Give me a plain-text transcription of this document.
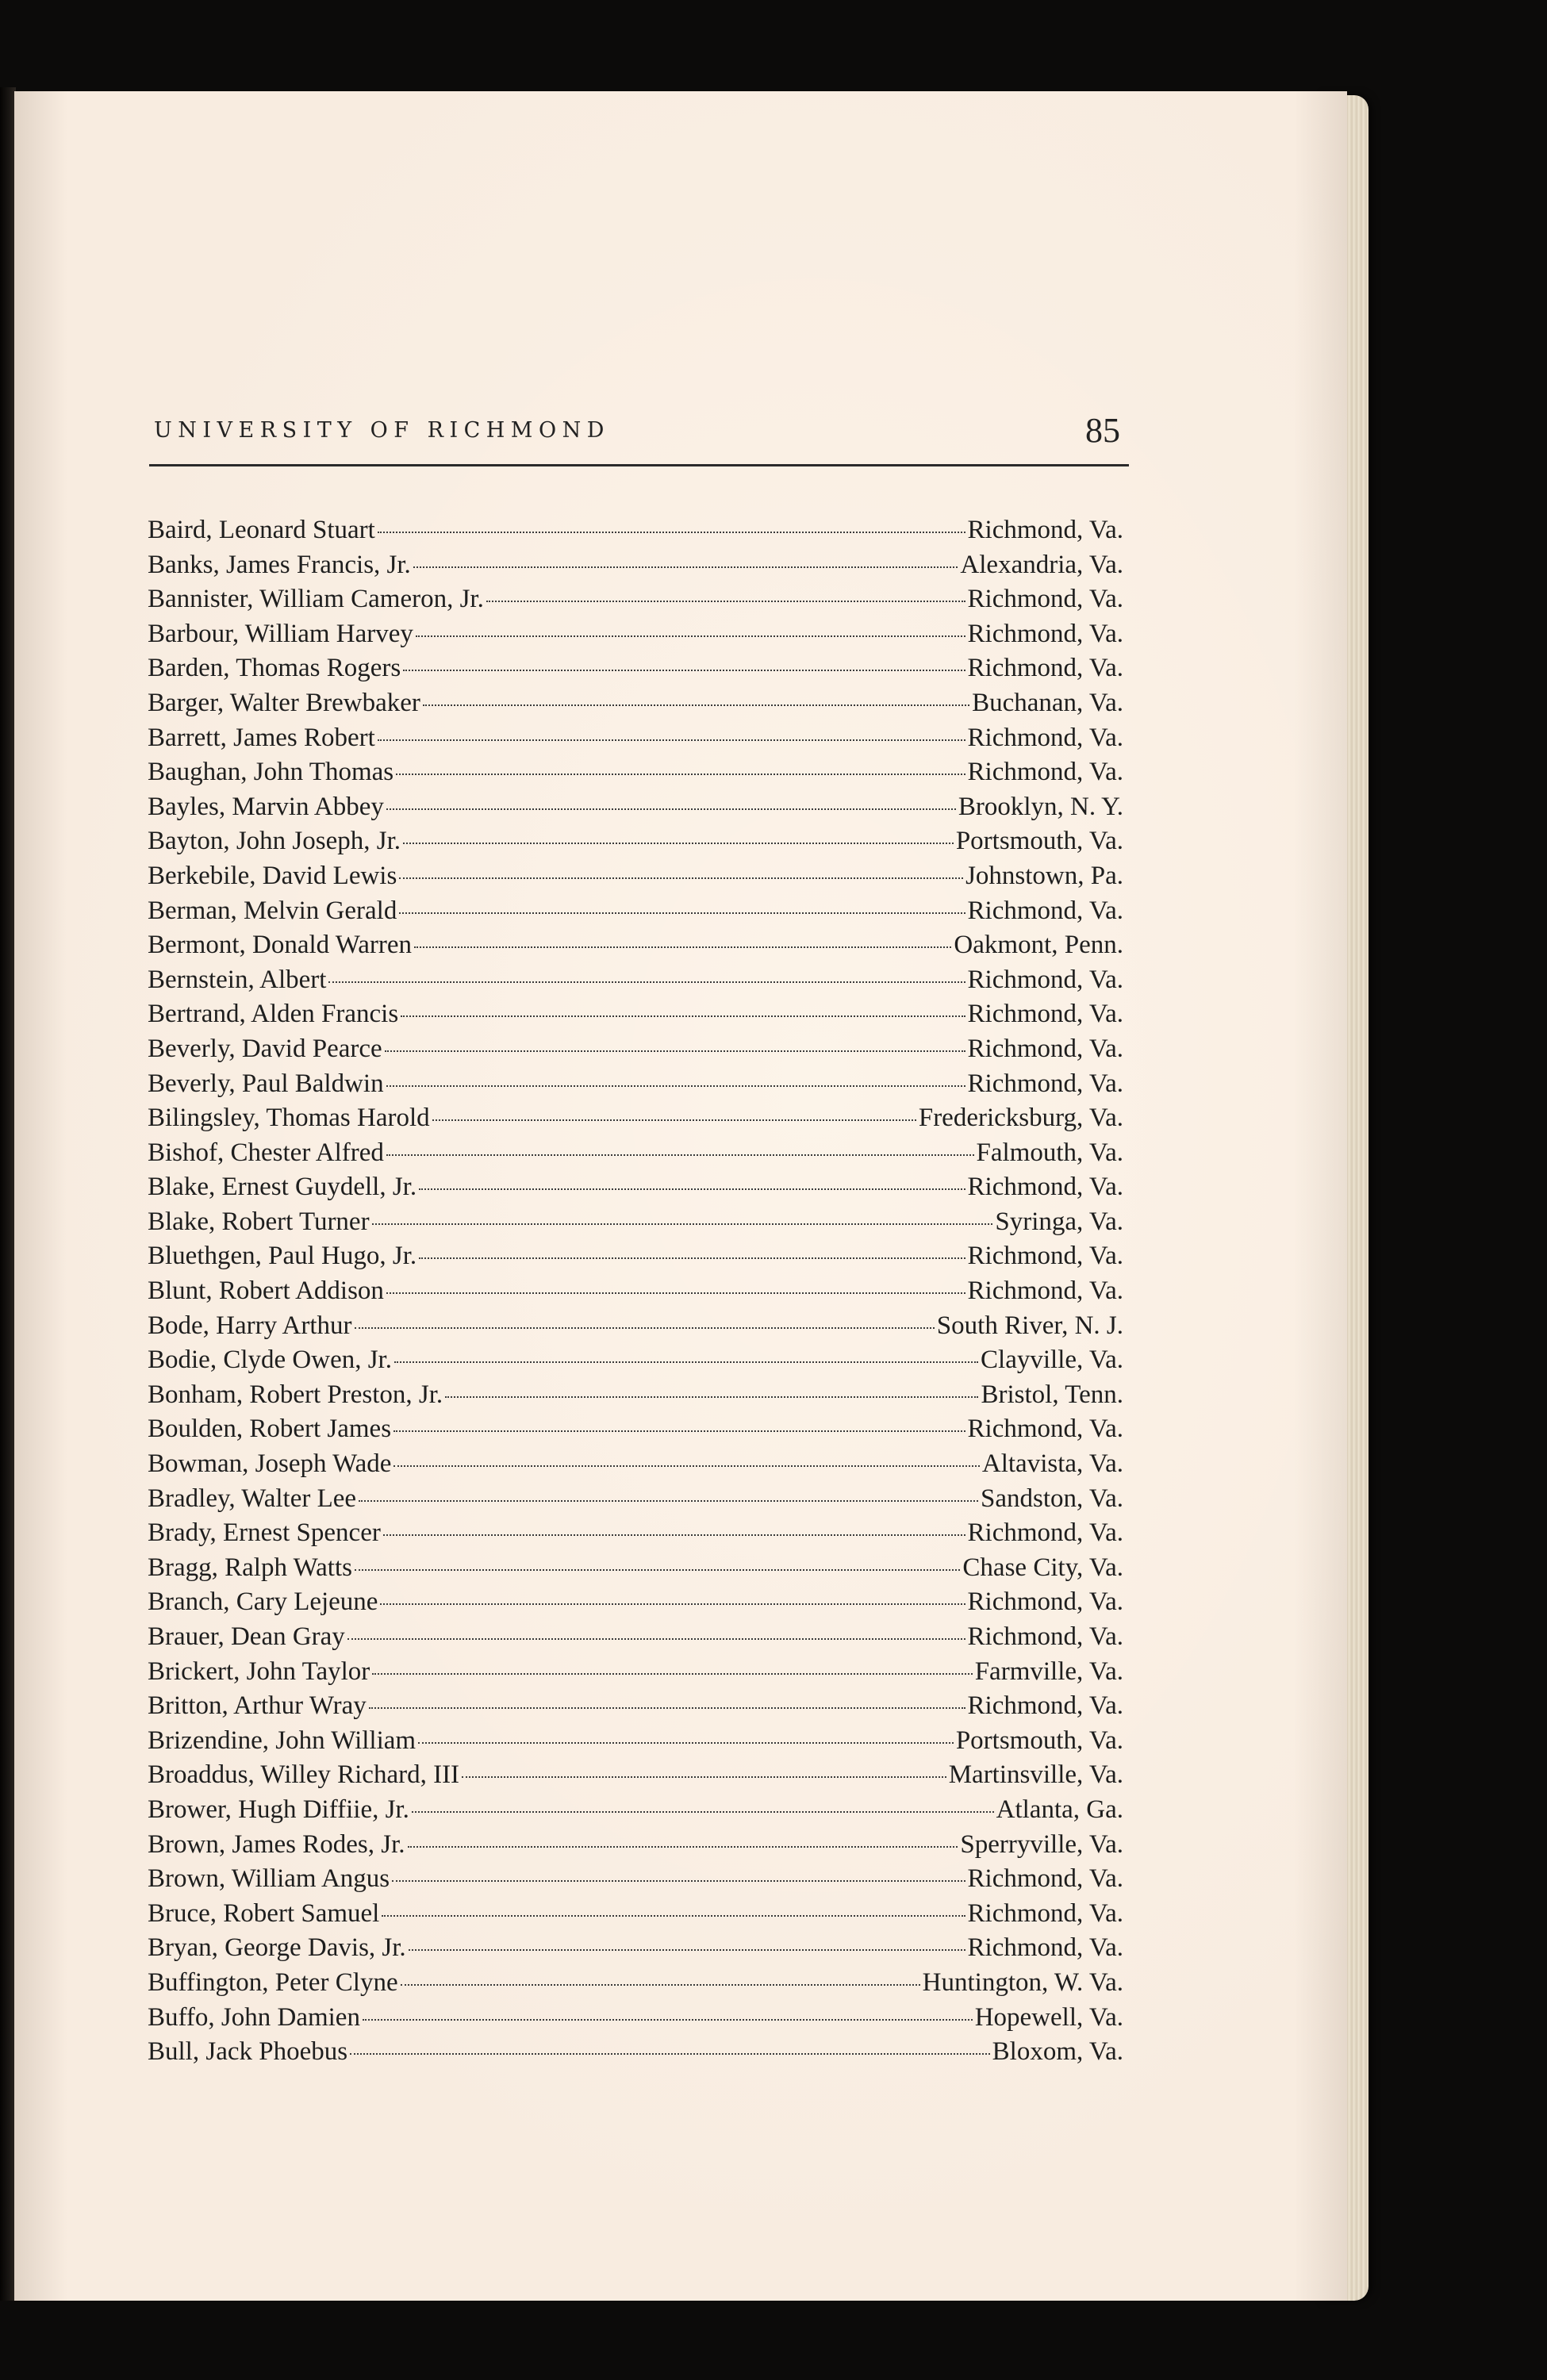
UNIVERSITY OF RICHMOND	85
Baird, Leonard Stuart	Richmond, Va.
Banks, James Francis, Jr.	Alexandria, Va.
Bannister, William Cameron, Jr.	Richmond, Va.
Barbour, William Harvey	Richmond, Va.
Barden, Thomas Rogers	Richmond, Va.
Barger, Walter Brewbaker	Buchanan, Va.
Barrett, James Robert	Richmond, Va.
Baughan, John Thomas	Richmond, Va.
Bayles, Marvin Abbey	Brooklyn, N. Y.
Bayton, John Joseph, Jr.	Portsmouth, Va.
Berkebile, David Lewis	Johnstown, Pa.
Berman, Melvin Gerald	Richmond, Va.
Bermont, Donald Warren	Oakmont, Penn.
Bernstein, Albert	Richmond, Va.
Bertrand, Alden Francis	Richmond, Va.
Beverly, David Pearce	Richmond, Va.
Beverly, Paul Baldwin	Richmond, Va.
Bilingsley, Thomas Harold	Fredericksburg, Va.
Bishof, Chester Alfred	Falmouth, Va.
Blake, Ernest Guydell, Jr.	Richmond, Va.
Blake, Robert Turner	Syringa, Va.
Bluethgen, Paul Hugo, Jr.	Richmond, Va.
Blunt, Robert Addison	Richmond, Va.
Bode, Harry Arthur	South River, N. J.
Bodie, Clyde Owen, Jr.	Clayville, Va.
Bonham, Robert Preston, Jr.	Bristol, Tenn.
Boulden, Robert James	Richmond, Va.
Bowman, Joseph Wade	Altavista, Va.
Bradley, Walter Lee	Sandston, Va.
Brady, Ernest Spencer	Richmond, Va.
Bragg, Ralph Watts	Chase City, Va.
Branch, Cary Lejeune	Richmond, Va.
Brauer, Dean Gray	Richmond, Va.
Brickert, John Taylor	Farmville, Va.
Britton, Arthur Wray	Richmond, Va.
Brizendine, John William	Portsmouth, Va.
Broaddus, Willey Richard, III	Martinsville, Va.
Brower, Hugh Diffiie, Jr.	Atlanta, Ga.
Brown, James Rodes, Jr.	Sperryville, Va.
Brown, William Angus	Richmond, Va.
Bruce, Robert Samuel	Richmond, Va.
Bryan, George Davis, Jr.	Richmond, Va.
Buffington, Peter Clyne	Huntington, W. Va.
Buffo, John Damien	Hopewell, Va.
Bull, Jack Phoebus	Bloxom, Va.
